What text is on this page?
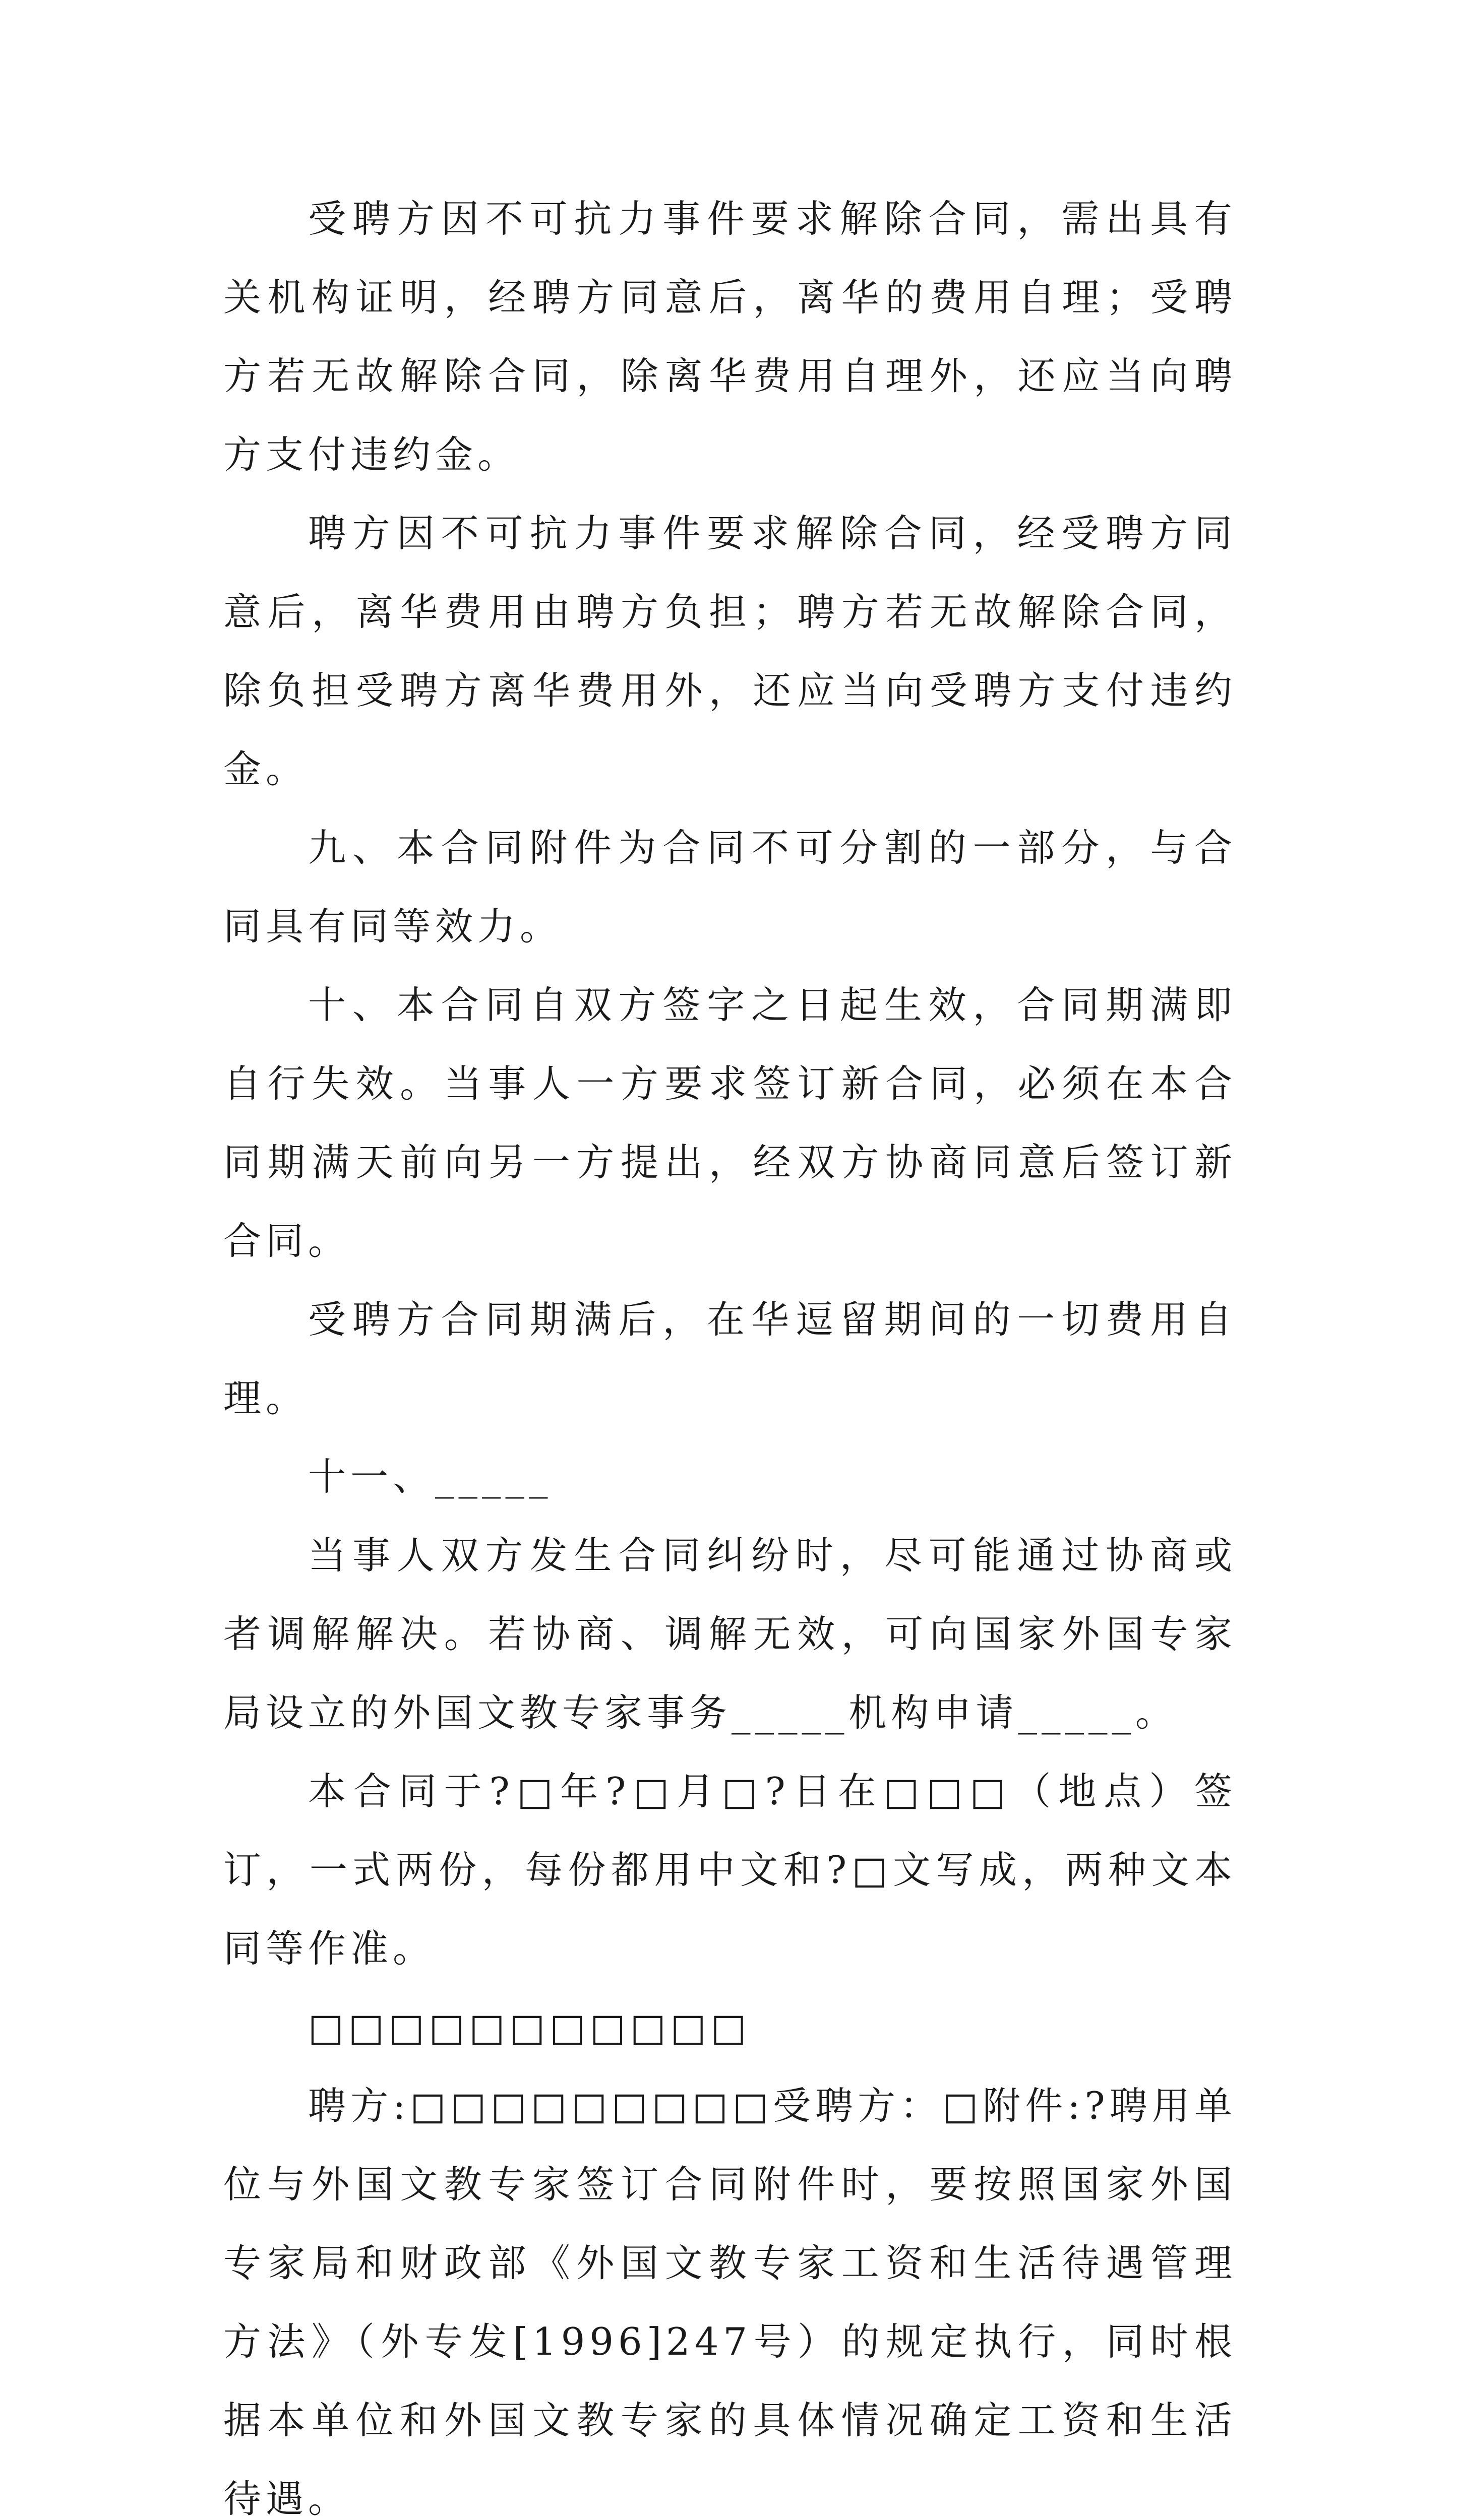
受聘方因不可抗力事件要求解除合同，需出具有关机构证明，经聘方同意后，离华的费用自理；受聘方若无故解除合同，除离华费用自理外，还应当向聘方支付违约金。

聘方因不可抗力事件要求解除合同，经受聘方同意后，离华费用由聘方负担；聘方若无故解除合同，除负担受聘方离华费用外，还应当向受聘方支付违约金。

九、本合同附件为合同不可分割的一部分，与合同具有同等效力。

十、本合同自双方签字之日起生效，合同期满即自行失效。当事人一方要求签订新合同，必须在本合同期满天前向另一方提出，经双方协商同意后签订新合同。

受聘方合同期满后，在华逗留期间的一切费用自理。

十一、_____

当事人双方发生合同纠纷时，尽可能通过协商或者调解解决。若协商、调解无效，可向国家外国专家局设立的外国文教专家事务_____机构申请_____。

本合同于?□年?□月□?日在□□□（地点）签订，一式两份，每份都用中文和?□文写成，两种文本同等作准。

□□□□□□□□□□□

聘方:□□□□□□□□□受聘方：□附件:?聘用单位与外国文教专家签订合同附件时，要按照国家外国专家局和财政部《外国文教专家工资和生活待遇管理方法》（外专发[1996]247号）的规定执行，同时根据本单位和外国文教专家的具体情况确定工资和生活待遇。
